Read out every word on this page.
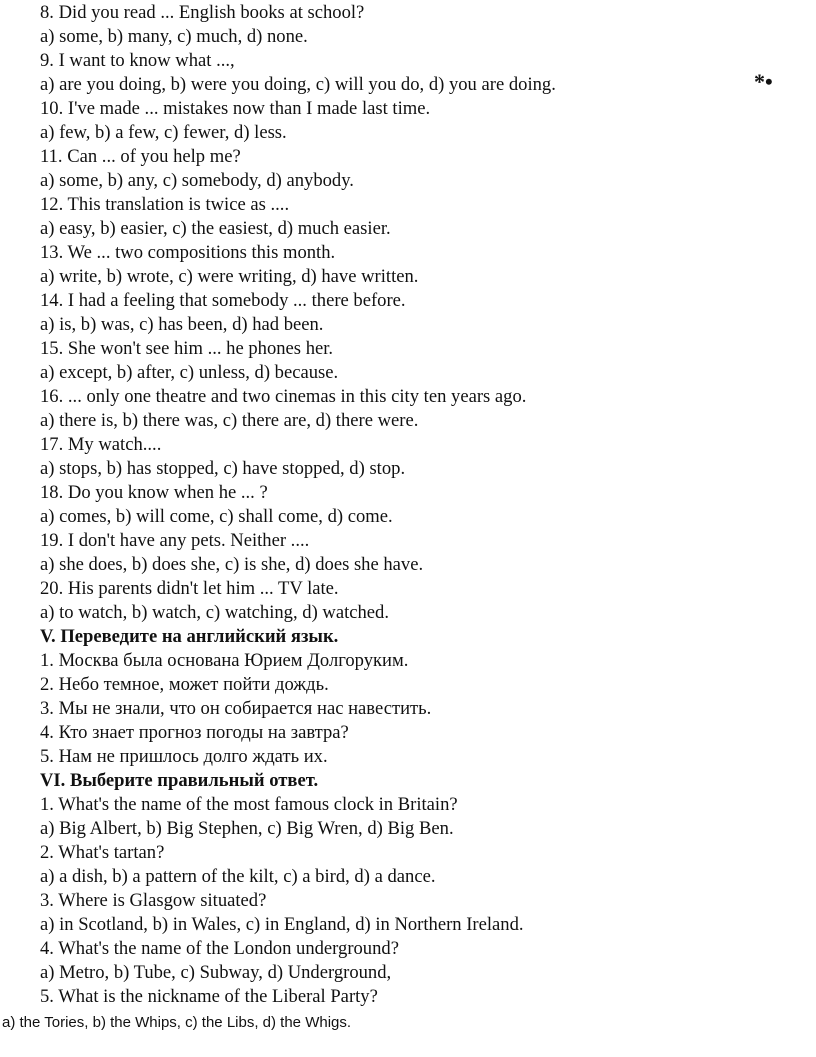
8. Did you read ... English books at school?
a) some, b) many, c) much, d) none.
9. I want to know what ...,
a) are you doing, b) were you doing, c) will you do, d) you are doing.
10. I've made ... mistakes now than I made last time.
a) few, b) a few, c) fewer, d) less.
11. Can ... of you help me?
a) some, b) any, c) somebody, d) anybody.
12. This translation is twice as ....
a) easy, b) easier, c) the easiest, d) much easier.
13. We ... two compositions this month.
a) write, b) wrote, c) were writing, d) have written.
14. I had a feeling that somebody ... there before.
a) is, b) was, c) has been, d) had been.
15. She won't see him ... he phones her.
a) except, b) after, c) unless, d) because.
16. ... only one theatre and two cinemas in this city ten years ago.
a) there is, b) there was, c) there are, d) there were.
17. My watch....
a) stops, b) has stopped, c) have stopped, d) stop.
18. Do you know when he ... ?
a) comes, b) will come, c) shall come, d) come.
19. I don't have any pets. Neither ....
a) she does, b) does she, c) is she, d) does she have.
20. His parents didn't let him ... TV late.
a) to watch, b) watch, c) watching, d) watched.
V. Переведите на английский язык.
1. Москва была основана Юрием Долгоруким.
2. Небо темное, может пойти дождь.
3. Мы не знали, что он собирается нас навестить.
4. Кто знает прогноз погоды на завтра?
5. Нам не пришлось долго ждать их.
VI. Выберите правильный ответ.
1. What's the name of the most famous clock in Britain?
a) Big Albert, b) Big Stephen, c) Big Wren, d) Big Ben.
2. What's tartan?
a) a dish, b) a pattern of the kilt, c) a bird, d) a dance.
3. Where is Glasgow situated?
a) in Scotland, b) in Wales, c) in England, d) in Northern Ireland.
4. What's the name of the London underground?
a) Metro, b) Tube, c) Subway, d) Underground,
5. What is the nickname of the Liberal Party?
a) the Tories, b) the Whips, c) the Libs, d) the Whigs.
*•
